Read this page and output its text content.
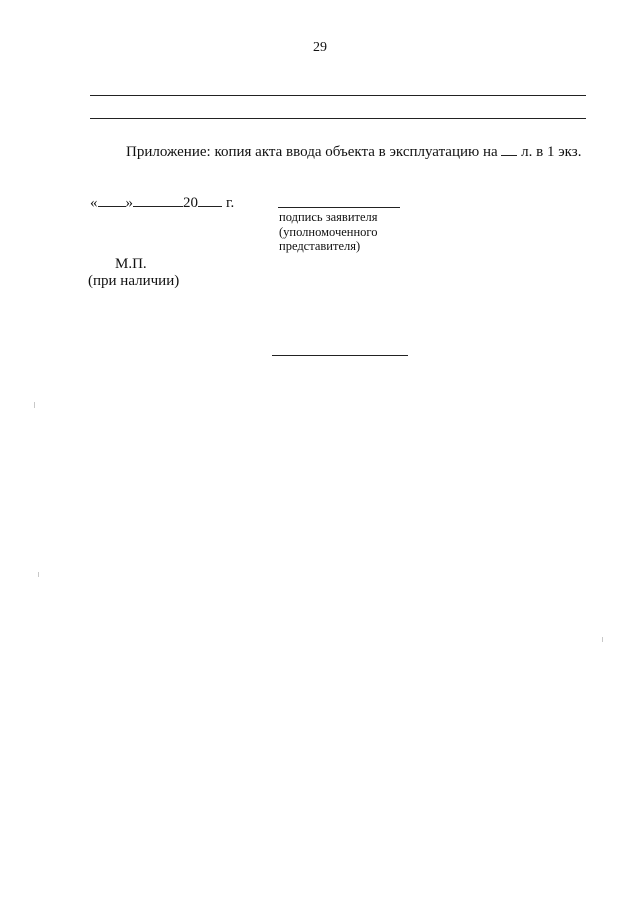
29
Приложение: копия акта ввода объекта в эксплуатацию на  л. в 1 экз.
« »	20 г.
подпись заявителя
(уполномоченного
представителя)
М.П.
(при наличии)
